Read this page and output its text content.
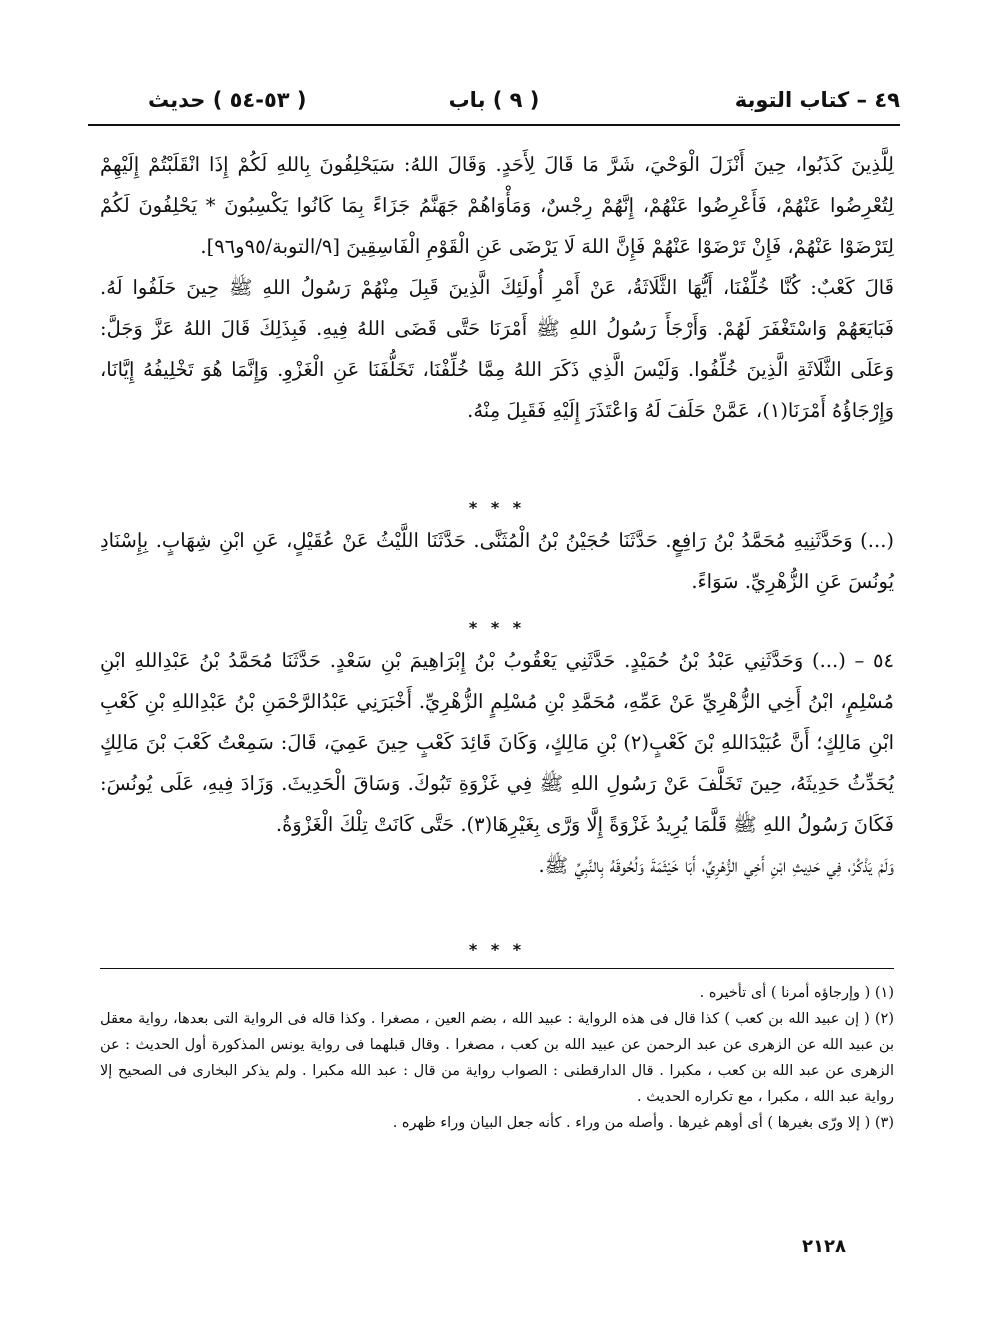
٤٩ – كتاب التوبة
( ٩ ) باب
( ٥٣-٥٤ ) حديث

لِلَّذِينَ كَذَبُوا، حِينَ أَنْزَلَ الْوَحْيَ، شَرَّ مَا قَالَ لِأَحَدٍ. وَقَالَ اللهُ: سَيَحْلِفُونَ بِاللهِ لَكُمْ إِذَا انْقَلَبْتُمْ إِلَيْهِمْ لِتُعْرِضُوا عَنْهُمْ، فَأَعْرِضُوا عَنْهُمْ، إِنَّهُمْ رِجْسٌ، وَمَأْوَاهُمْ جَهَنَّمُ جَزَاءً بِمَا كَانُوا يَكْسِبُونَ * يَحْلِفُونَ لَكُمْ لِتَرْضَوْا عَنْهُمْ، فَإِنْ تَرْضَوْا عَنْهُمْ فَإِنَّ اللهَ لَا يَرْضَى عَنِ الْقَوْمِ الْفَاسِقِينَ [٩/التوبة/٩٥و٩٦].

قَالَ كَعْبٌ: كُنَّا خُلِّفْنَا، أَيُّهَا الثَّلَاثَةُ، عَنْ أَمْرِ أُولَئِكَ الَّذِينَ قَبِلَ مِنْهُمْ رَسُولُ اللهِ ﷺ حِينَ حَلَفُوا لَهُ. فَبَايَعَهُمْ وَاسْتَغْفَرَ لَهُمْ. وَأَرْجَأَ رَسُولُ اللهِ ﷺ أَمْرَنَا حَتَّى قَضَى اللهُ فِيهِ. فَبِذَلِكَ قَالَ اللهُ عَزَّ وَجَلَّ: وَعَلَى الثَّلَاثَةِ الَّذِينَ خُلِّفُوا. وَلَيْسَ الَّذِي ذَكَرَ اللهُ مِمَّا خُلِّفْنَا، تَخَلُّفَنَا عَنِ الْغَزْوِ. وَإِنَّمَا هُوَ تَخْلِيفُهُ إِيَّانَا، وَإِرْجَاؤُهُ أَمْرَنَا(١)، عَمَّنْ حَلَفَ لَهُ وَاعْتَذَرَ إِلَيْهِ فَقَبِلَ مِنْهُ.

* * *

(...) وَحَدَّثَنِيهِ مُحَمَّدُ بْنُ رَافِعٍ. حَدَّثَنَا حُجَيْنُ بْنُ الْمُثَنَّى. حَدَّثَنَا اللَّيْثُ عَنْ عُقَيْلٍ، عَنِ ابْنِ شِهَابٍ. بِإِسْنَادِ يُونُسَ عَنِ الزُّهْرِيِّ. سَوَاءً.

* * *

٥٤ – (...) وَحَدَّثَنِي عَبْدُ بْنُ حُمَيْدٍ. حَدَّثَنِي يَعْقُوبُ بْنُ إِبْرَاهِيمَ بْنِ سَعْدٍ. حَدَّثَنَا مُحَمَّدُ بْنُ عَبْدِاللهِ ابْنِ مُسْلِمٍ، ابْنُ أَخِي الزُّهْرِيِّ عَنْ عَمِّهِ، مُحَمَّدِ بْنِ مُسْلِمٍ الزُّهْرِيِّ. أَخْبَرَنِي عَبْدُالرَّحْمَنِ بْنُ عَبْدِاللهِ بْنِ كَعْبِ ابْنِ مَالِكٍ؛ أَنَّ عُبَيْدَاللهِ بْنَ كَعْبٍ(٢) بْنِ مَالِكٍ، وَكَانَ قَائِدَ كَعْبٍ حِينَ عَمِيَ، قَالَ: سَمِعْتُ كَعْبَ بْنَ مَالِكٍ يُحَدِّثُ حَدِيثَهُ، حِينَ تَخَلَّفَ عَنْ رَسُولِ اللهِ ﷺ فِي غَزْوَةِ تَبُوكَ. وَسَاقَ الْحَدِيثَ. وَزَادَ فِيهِ، عَلَى يُونُسَ: فَكَانَ رَسُولُ اللهِ ﷺ قَلَّمَا يُرِيدُ غَزْوَةً إِلَّا وَرَّى بِغَيْرِهَا(٣). حَتَّى كَانَتْ تِلْكَ الْغَزْوَةُ.

وَلَمْ يَذْكُرْ، فِي حَدِيثِ ابْنِ أَخِي الزُّهْرِيِّ، أَبَا خَيْثَمَةَ وَلُحُوقَهُ بِالنَّبِيِّ ﷺ.

* * *

(١) ( وإرجاؤه أمرنا ) أى تأخيره .

(٢) ( إن عبيد الله بن كعب ) كذا قال فى هذه الرواية : عبيد الله ، بضم العين ، مصغرا . وكذا قاله فى الرواية التى بعدها، رواية معقل بن عبيد الله عن الزهرى عن عبد الرحمن عن عبيد الله بن كعب ، مصغرا . وقال قبلهما فى رواية يونس المذكورة أول الحديث : عن الزهرى عن عبد الله بن كعب ، مكبرا . قال الدارقطنى : الصواب رواية من قال : عبد الله مكبرا . ولم يذكر البخارى فى الصحيح إلا رواية عبد الله ، مكبرا ، مع تكراره الحديث .

(٣) ( إلا ورّى بغيرها ) أى أوهم غيرها . وأصله من وراء . كأنه جعل البيان وراء ظهره .

٢١٢٨
